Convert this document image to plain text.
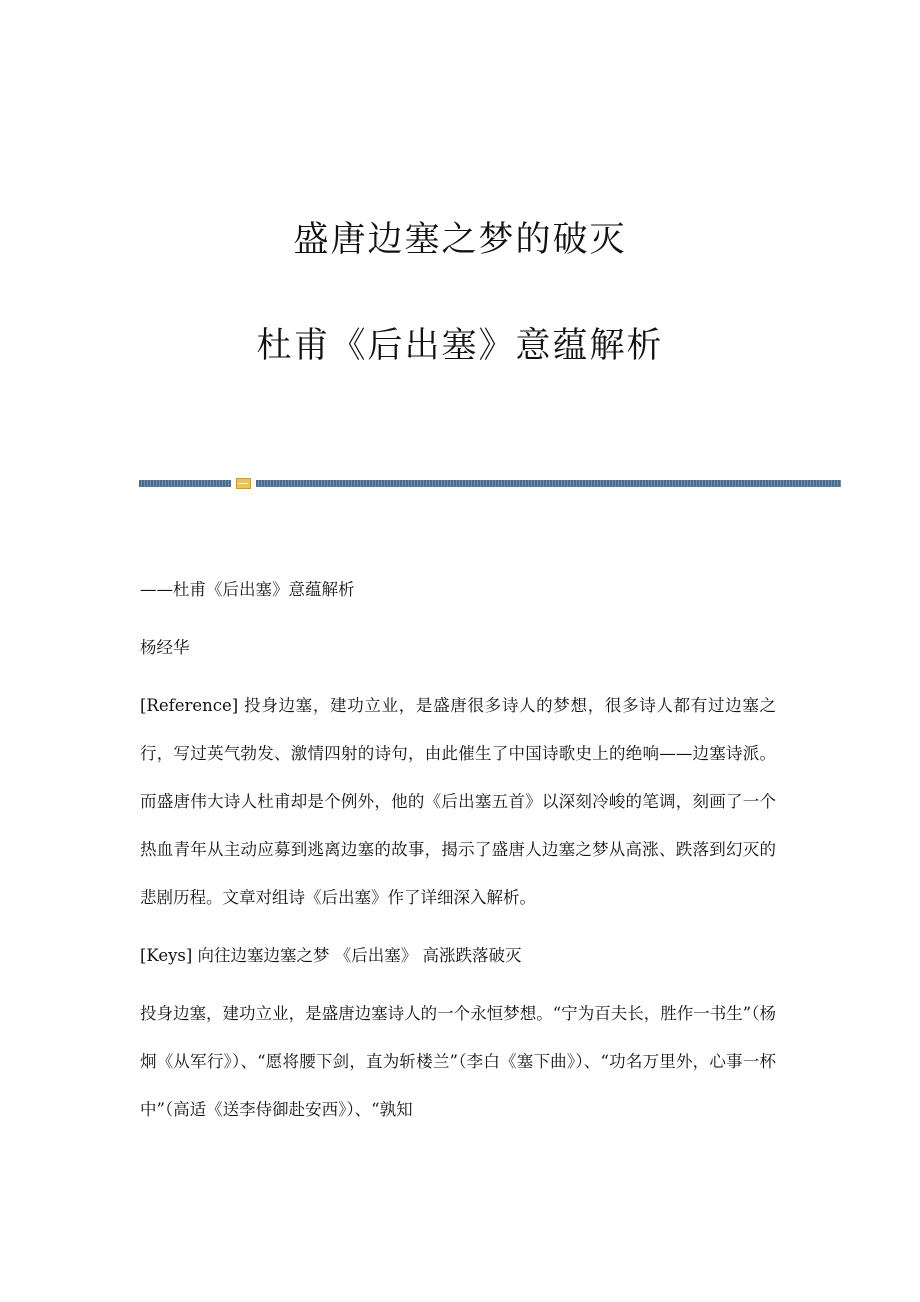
盛唐边塞之梦的破灭
杜甫《后出塞》意蕴解析

——杜甫《后出塞》意蕴解析

杨经华

[Reference] 投身边塞，建功立业，是盛唐很多诗人的梦想，很多诗人都有过边塞之行，写过英气勃发、激情四射的诗句，由此催生了中国诗歌史上的绝响——边塞诗派。而盛唐伟大诗人杜甫却是个例外，他的《后出塞五首》以深刻冷峻的笔调，刻画了一个热血青年从主动应募到逃离边塞的故事，揭示了盛唐人边塞之梦从高涨、跌落到幻灭的悲剧历程。文章对组诗《后出塞》作了详细深入解析。

[Keys] 向往边塞边塞之梦 《后出塞》 高涨跌落破灭

投身边塞，建功立业，是盛唐边塞诗人的一个永恒梦想。“宁为百夫长，胜作一书生”（杨炯《从军行》）、“愿将腰下剑，直为斩楼兰”（李白《塞下曲》）、“功名万里外，心事一杯中”（高适《送李侍御赴安西》）、“孰知
